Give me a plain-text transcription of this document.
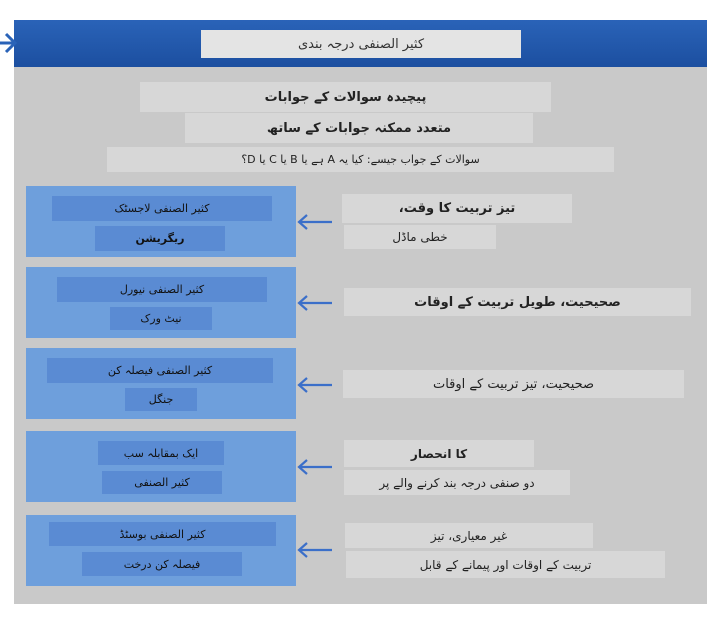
کثیر الصنفی درجہ بندی
پیچیدہ سوالات کے جوابات
متعدد ممکنہ جوابات کے ساتھ
سوالات کے جواب جیسے: کیا یہ A ہے یا B یا C یا D؟
کثیر الصنفی لاجسٹک
ریگریشن
تیز تربیت کا وقت،
خطی ماڈل
کثیر الصنفی نیورل
نیٹ ورک
صحیحیت، طویل تربیت کے اوقات
کثیر الصنفی فیصلہ کن
جنگل
صحیحیت، تیز تربیت کے اوقات
ایک بمقابلہ سب
کثیر الصنفی
کا انحصار
دو صنفی درجہ بند کرنے والے پر
کثیر الصنفی بوسٹڈ
فیصلہ کن درخت
غیر معیاری، تیز
تربیت کے اوقات اور پیمانے کے قابل
